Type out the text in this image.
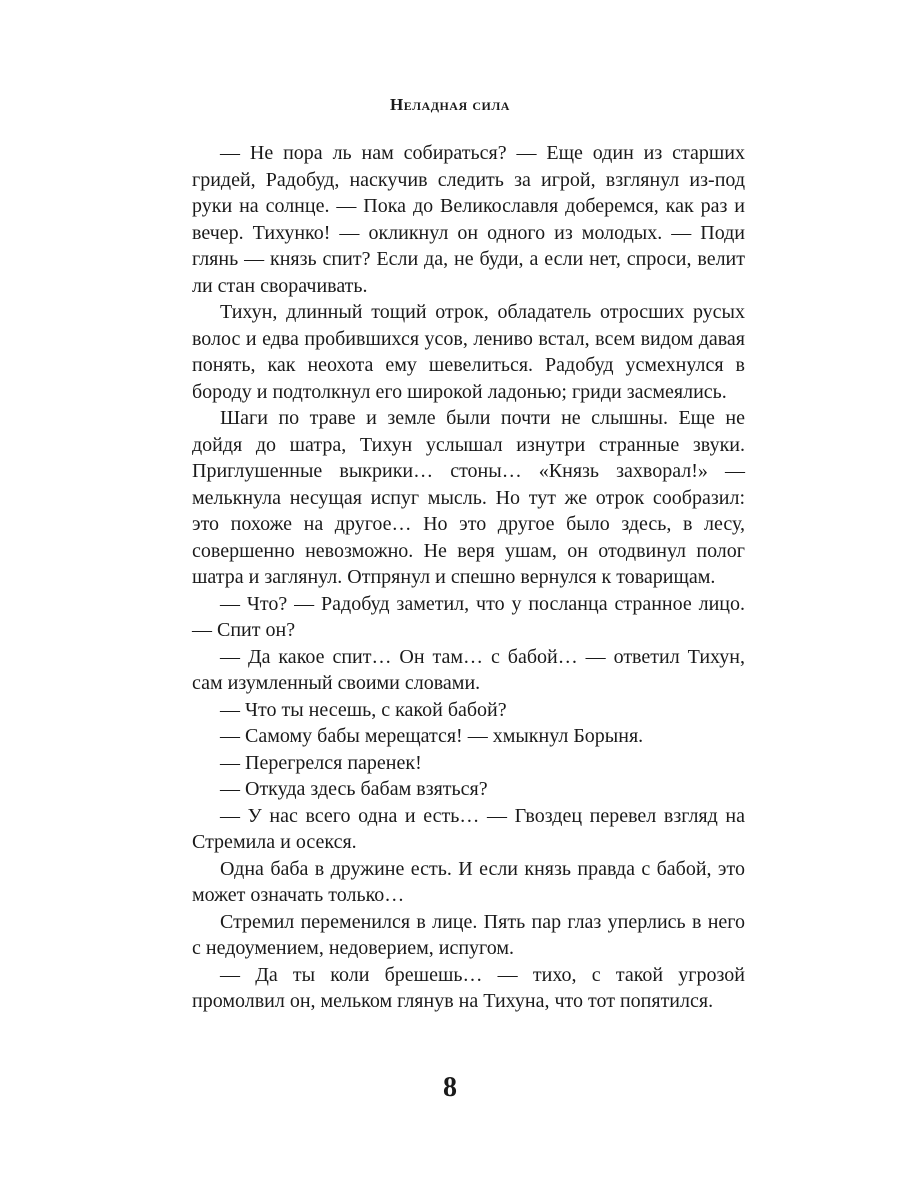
Неладная сила

— Не пора ль нам собираться? — Еще один из старших гридей, Радобуд, наскучив следить за игрой, взглянул из-под руки на солнце. — Пока до Великославля доберемся, как раз и вечер. Тихунко! — окликнул он одного из молодых. — Поди глянь — князь спит? Если да, не буди, а если нет, спроси, велит ли стан сворачивать.

Тихун, длинный тощий отрок, обладатель отросших русых волос и едва пробившихся усов, лениво встал, всем видом давая понять, как неохота ему шевелиться. Радобуд усмехнулся в бороду и подтолкнул его широкой ладонью; гриди засмеялись.

Шаги по траве и земле были почти не слышны. Еще не дойдя до шатра, Тихун услышал изнутри странные звуки. Приглушенные выкрики… стоны… «Князь захворал!» — мелькнула несущая испуг мысль. Но тут же отрок сообразил: это похоже на другое… Но это другое было здесь, в лесу, совершенно невозможно. Не веря ушам, он отодвинул полог шатра и заглянул. Отпрянул и спешно вернулся к товарищам.

— Что? — Радобуд заметил, что у посланца странное лицо. — Спит он?

— Да какое спит… Он там… с бабой… — ответил Тихун, сам изумленный своими словами.

— Что ты несешь, с какой бабой?

— Самому бабы мерещатся! — хмыкнул Борыня.

— Перегрелся паренек!

— Откуда здесь бабам взяться?

— У нас всего одна и есть… — Гвоздец перевел взгляд на Стремила и осекся.

Одна баба в дружине есть. И если князь правда с бабой, это может означать только…

Стремил переменился в лице. Пять пар глаз уперлись в него с недоумением, недоверием, испугом.

— Да ты коли брешешь… — тихо, с такой угрозой промолвил он, мельком глянув на Тихуна, что тот попятился.

8
